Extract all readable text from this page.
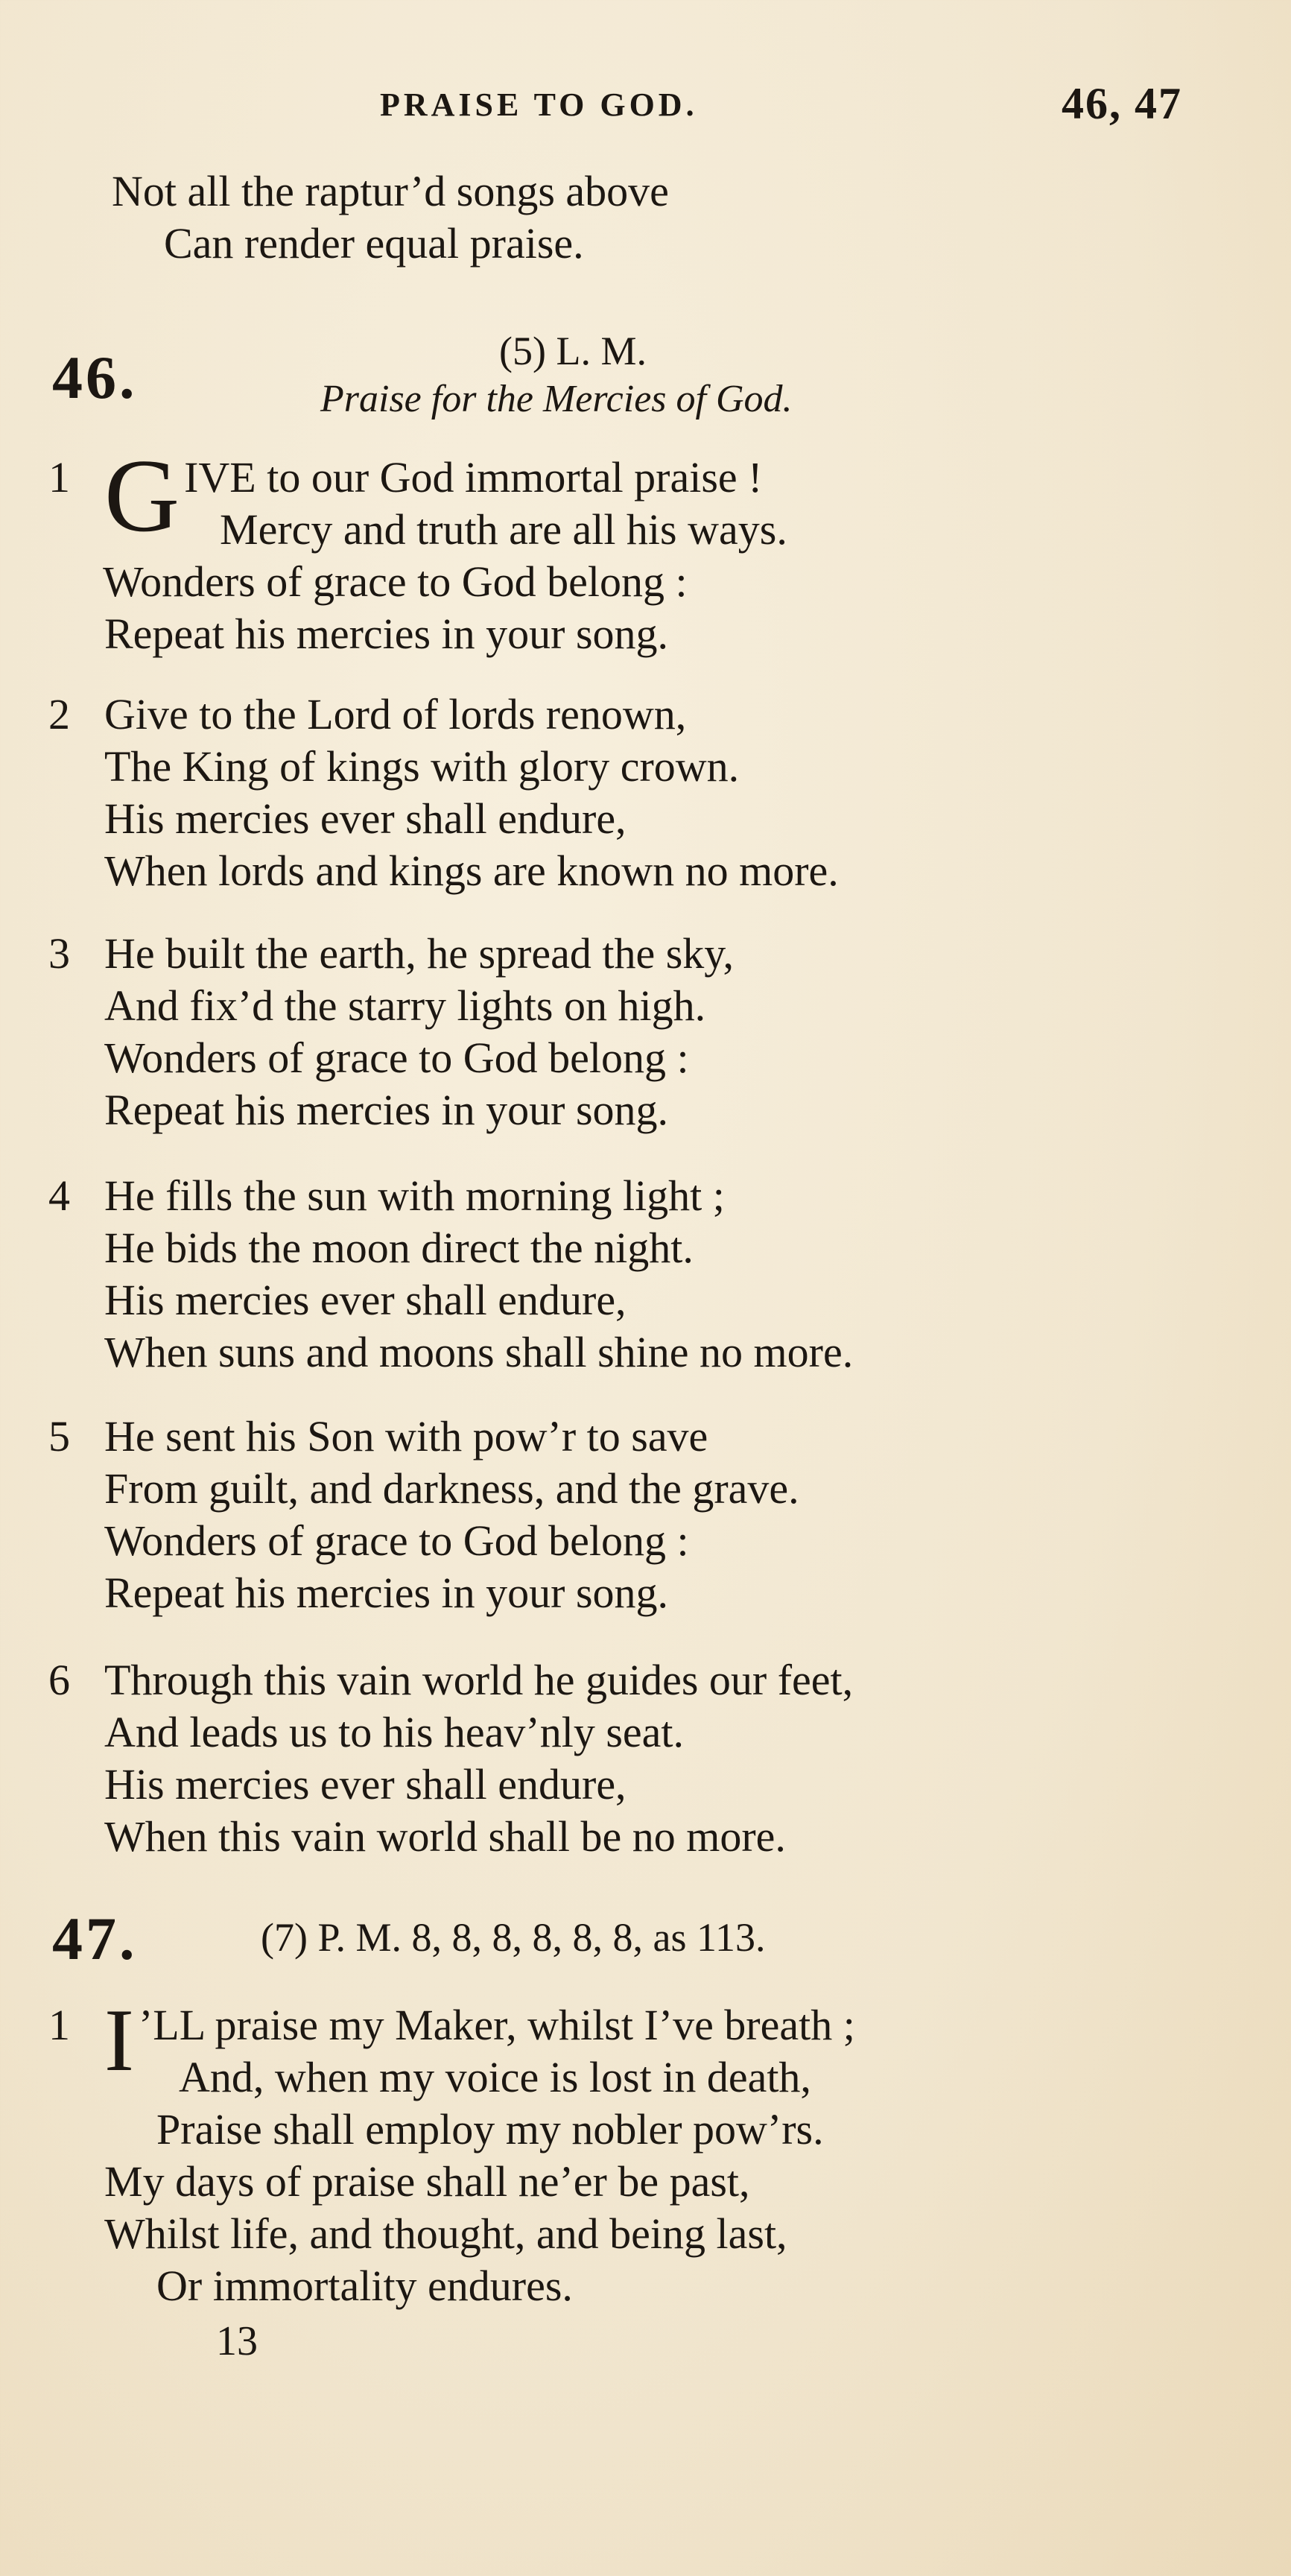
PRAISE TO GOD.	46, 47
Not all the raptur’d songs above
Can render equal praise.
46.	(5) L. M.
Praise for the Mercies of God.
1 GIVE to our God immortal praise !
Mercy and truth are all his ways.
Wonders of grace to God belong :
Repeat his mercies in your song.
2 Give to the Lord of lords renown,
The King of kings with glory crown.
His mercies ever shall endure,
When lords and kings are known no more.
3 He built the earth, he spread the sky,
And fix’d the starry lights on high.
Wonders of grace to God belong :
Repeat his mercies in your song.
4 He fills the sun with morning light ;
He bids the moon direct the night.
His mercies ever shall endure,
When suns and moons shall shine no more.
5 He sent his Son with pow’r to save
From guilt, and darkness, and the grave.
Wonders of grace to God belong :
Repeat his mercies in your song.
6 Through this vain world he guides our feet,
And leads us to his heav’nly seat.
His mercies ever shall endure,
When this vain world shall be no more.
47.	(7) P. M. 8, 8, 8, 8, 8, 8, as 113.
1 I ’LL praise my Maker, whilst I’ve breath ;
And, when my voice is lost in death,
Praise shall employ my nobler pow’rs.
My days of praise shall ne’er be past,
Whilst life, and thought, and being last,
Or immortality endures.
13
